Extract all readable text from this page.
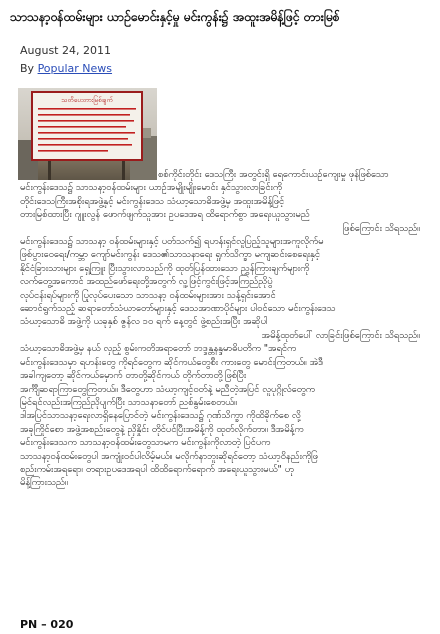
သာသနာ့ဝန်ထမ်းများ ယာဉ်မောင်းနှင့်မှု မင်းကွန်း၌ အထူးအမိန့်ဖြင့် တားမြစ်
August 24, 2011
By Popular News
သတိပေးတားမြစ်ချက်

စစ်ကိုင်းတိုင်း ဒေသကြီး အတွင်းရှိ ရေကောင်းယဉ်ကျေးမှု ဖုန်ဖြစ်သော

မင်းကွန်းဒေသ၌ သာသနာ့ဝန်ထမ်းများ ယာဉ်အမျိုးမျိုးမောင်း နှင်သွားလာခြင်းကို

တိုင်းဒေသကြီးအစိုးရအဖွဲ့နှင့် မင်းကွန်းဒေသ သံဃာ့သောဓိအဖွဲ့မှ အထူးအမိန့်ဖြင့်

တားမြစ်ထားပြီး ဂျူးလွန် ဖောက်ဖျက်သူအား ဥပဒေအရ ထိရောက်စွာ အရေးယူသွားမည်

ဖြစ်ကြောင်း သိရသည်။

မင်းကွန်းဒေသ၌ သာသနာ့ ဝန်ထမ်းများနှင့် ပတ်သက်၍ ရဟန်းရှင်လူပြည့်သူများအကူလိုက်မ

ဖြစ်ပွားဝေရေး/ကမ္ဘာ ကျော်မင်းကွန်း ဒေသ၏သာသနာရေး ရှုက်သိက္ခာ မကျဆင်းစေရေးနှင့်

နိုင်ငံခြားသားများ ရှေ့ကြူး ပြီးသွားလာသည်ကို ထုတ်ပြန်ထားသော ညွှန်ကြားချက်များကို

လက်တွေ့အကောင် အထည်ဖော်ရေးတို့အတွက် လူ့ဖြင့်ကွင်းဖြင့်အကြည်ညိုပွဲ

လုပ်ငန်းရပ်များကို ပြုလုပ်ပေးသော သာသနာ့ ဝန်ထမ်းများအား သန့်ရှင်းအောင်

ဆောင်ရွက်သည့် ဆရာတော်သံဃာတော်များနှင့် ဒေသအာဏာပိုင်များ ပါဝင်သော မင်းကွန်းဒေသ

သံဃာ့သောဓိ အဖွဲ့ကို ယခုနှစ် ဇွန်လ ၁၀ ရက် နေ့တွင် ဖွဲ့စည်းအပြီး အဆိုပါ

အမိန့်ထုတ်ပေါ် လာခြင်းဖြစ်ကြောင်း သိရသည်။

သံဃာ့သောဓိအဖွဲ့မှ နယ် လှည့် စွမ်းကတိအရာတော် ဘဒ္ဒန္တနန္ဒမာဓိပတိက "အရင်က

မင်းကွန်းဒေသမှာ ရဟန်းတွေ ကိုရင်တွေက ဆိုင်ကယ်တွေစီး ကားတွေ မောင်းကြတယ်။ အဲဒီ

အခါကျတော့ ဆိုင်ကယ်မှောက် တာတို့ဆိုင်ကယ် တိုက်တာတို့ဖြစ်ပြီး

အင်္ကျီဆရာကြာတွေကြတယ်။ ဒီတွေဟာ သံဃာ့ကျင့်ဝတ်နဲ့ မညီတဲ့အပြင် လူပုဂ္ဂိုလ်တွေက

မြင်ရင်လည်းအကြည်ညိုပျက်ပြီး သာသနာတော် ညစ်နွမ်းစေတယ်။

ဒါအပြင်သာသနာ့ရေးလာရှိနေပြောင်တဲ့ မင်းကွန်းဒေသ၌ ဂုဏ်သိက္ခာ ကိုထိခိုက်စေ လို့

အခုကြိုင်စော အဖွဲ့အစည်းတွေနဲ့ ညှိနှိုင်း တိုင်ပင်ပြီးအမိန့်ကို ထုတ်လိုက်တာ။ ဒီအမိန့်က

မင်းကွန်းဒေသက သာသနာ့ဝန်ထမ်းတွေသာမက မင်းကွန်းကိုလာတဲ့ ပြင်ပက

သာသနာ့ဝန်ထမ်းတွေပါ အကျုံးဝင်ပါလိမ့်မယ်။ မလိုက်နာဘူးဆိုရင်တော့ သံဃာ့ဝိနည်းကိုဖြ

စည်းကမ်းအရရော၊ တရားဥပဒေအရပါ ထိထိရောက်ရောက် အရေးယူသွားမယ်" ဟု

မိန့်ကြားသည်။

PN – 020
